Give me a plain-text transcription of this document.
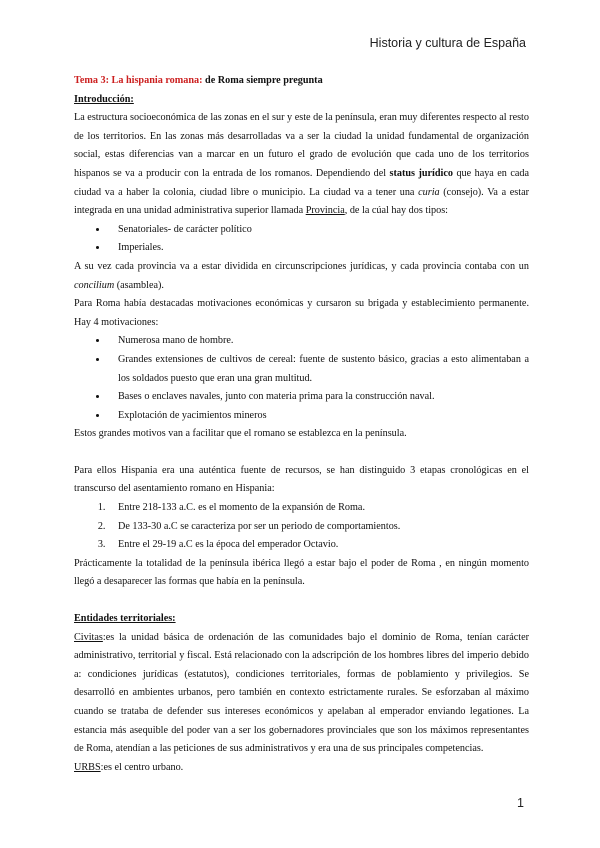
Historia y cultura de España

Tema 3: La hispania romana: de Roma siempre pregunta

Introducción:

La estructura socioeconómica de las zonas en el sur y este de la península, eran muy diferentes respecto al resto de los territorios. En las zonas más desarrolladas va a ser la ciudad la unidad fundamental de organización social, estas diferencias van a marcar en un futuro el grado de evolución que cada uno de los territorios hispanos se va a producir con la entrada de los romanos. Dependiendo del status jurídico que haya en cada ciudad va a haber la colonia, ciudad libre o municipio. La ciudad va a tener una curia (consejo). Va a estar integrada en una unidad administrativa superior llamada Provincia, de la cúal hay dos tipos:

• Senatoriales- de carácter político
• Imperiales.

A su vez cada provincia va a estar dividida en circunscripciones jurídicas, y cada provincia contaba con un concilium (asamblea).

Para Roma había destacadas motivaciones económicas y cursaron su brigada y establecimiento permanente. Hay 4 motivaciones:

• Numerosa mano de hombre.
• Grandes extensiones de cultivos de cereal: fuente de sustento básico, gracias a esto alimentaban a los soldados puesto que eran una gran multitud.
• Bases o enclaves navales, junto con materia prima para la construcción naval.
• Explotación de yacimientos mineros

Estos grandes motivos van a facilitar que el romano se establezca en la península.

Para ellos Hispania era una auténtica fuente de recursos, se han distinguido 3 etapas cronológicas en el transcurso del asentamiento romano en Hispania:

1. Entre 218-133 a.C. es el momento de la expansión de Roma.
2. De 133-30 a.C se caracteriza por ser un periodo de comportamientos.
3. Entre el 29-19 a.C es la época del emperador Octavio.

Prácticamente la totalidad de la península ibérica llegó a estar bajo el poder de Roma , en ningún momento llegó a desaparecer las formas que había en la península.

Entidades territoriales:

Civitas:es la unidad básica de ordenación de las comunidades bajo el dominio de Roma, tenían carácter administrativo, territorial y fiscal. Está relacionado con la adscripción de los hombres libres del imperio debido a: condiciones jurídicas (estatutos), condiciones territoriales, formas de poblamiento y privilegios. Se desarrolló en ambientes urbanos, pero también en contexto estrictamente rurales. Se esforzaban al máximo cuando se trataba de defender sus intereses económicos y apelaban al emperador enviando legationes. La estancia más asequible del poder van a ser los gobernadores provinciales que son los máximos representantes de Roma, atendían a las peticiones de sus administrativos y era una de sus principales competencias.

URBS:es el centro urbano.

1
